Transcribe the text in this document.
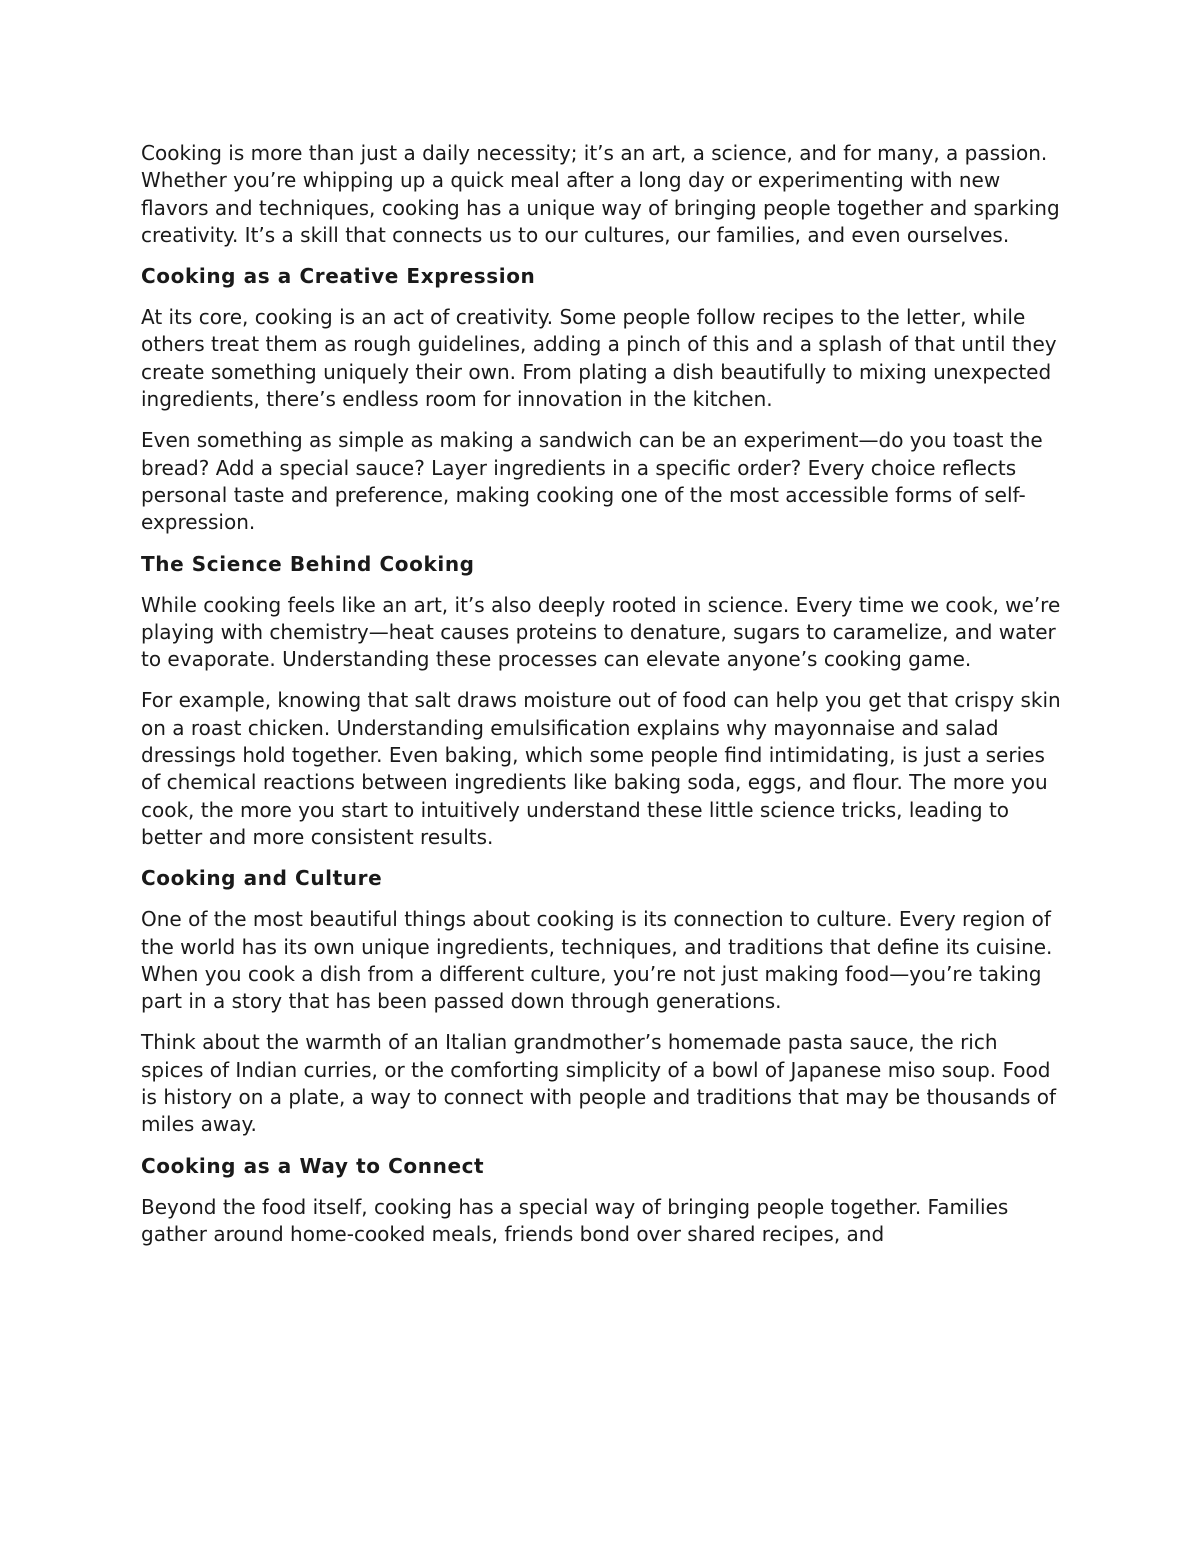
Cooking is more than just a daily necessity; it’s an art, a science, and for many, a passion. Whether you’re whipping up a quick meal after a long day or experimenting with new flavors and techniques, cooking has a unique way of bringing people together and sparking creativity. It’s a skill that connects us to our cultures, our families, and even ourselves.

Cooking as a Creative Expression

At its core, cooking is an act of creativity. Some people follow recipes to the letter, while others treat them as rough guidelines, adding a pinch of this and a splash of that until they create something uniquely their own. From plating a dish beautifully to mixing unexpected ingredients, there’s endless room for innovation in the kitchen.

Even something as simple as making a sandwich can be an experiment—do you toast the bread? Add a special sauce? Layer ingredients in a specific order? Every choice reflects personal taste and preference, making cooking one of the most accessible forms of self-expression.

The Science Behind Cooking

While cooking feels like an art, it’s also deeply rooted in science. Every time we cook, we’re playing with chemistry—heat causes proteins to denature, sugars to caramelize, and water to evaporate. Understanding these processes can elevate anyone’s cooking game.

For example, knowing that salt draws moisture out of food can help you get that crispy skin on a roast chicken. Understanding emulsification explains why mayonnaise and salad dressings hold together. Even baking, which some people find intimidating, is just a series of chemical reactions between ingredients like baking soda, eggs, and flour. The more you cook, the more you start to intuitively understand these little science tricks, leading to better and more consistent results.

Cooking and Culture

One of the most beautiful things about cooking is its connection to culture. Every region of the world has its own unique ingredients, techniques, and traditions that define its cuisine. When you cook a dish from a different culture, you’re not just making food—you’re taking part in a story that has been passed down through generations.

Think about the warmth of an Italian grandmother’s homemade pasta sauce, the rich spices of Indian curries, or the comforting simplicity of a bowl of Japanese miso soup. Food is history on a plate, a way to connect with people and traditions that may be thousands of miles away.

Cooking as a Way to Connect

Beyond the food itself, cooking has a special way of bringing people together. Families gather around home-cooked meals, friends bond over shared recipes, and
